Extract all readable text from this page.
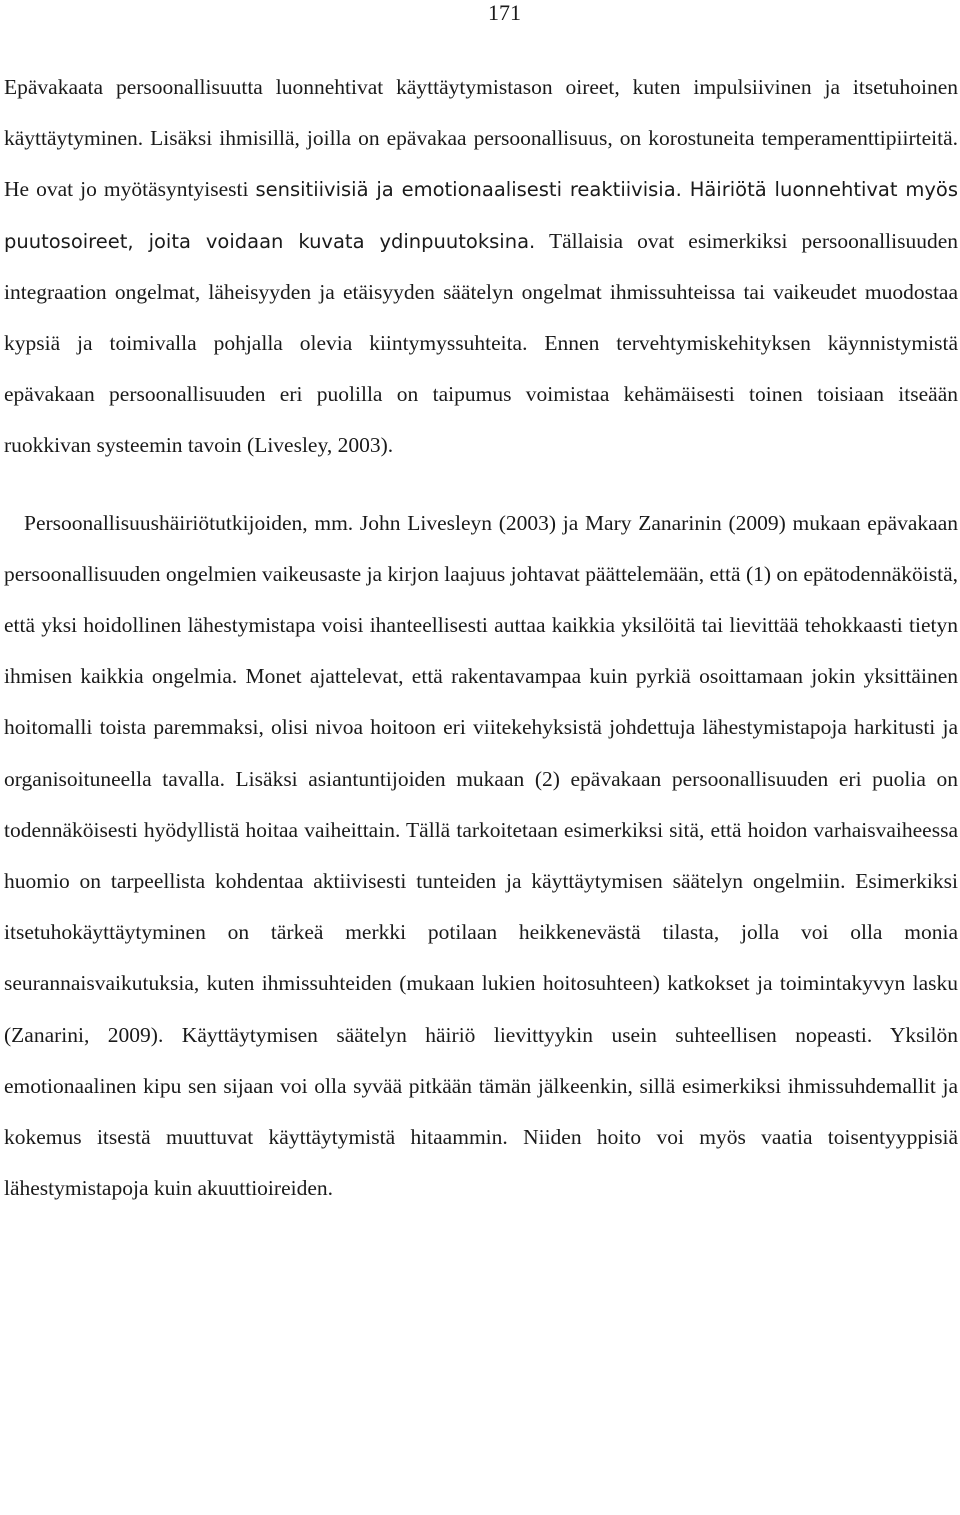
171

Epävakaata persoonallisuutta luonnehtivat käyttäytymistason oireet, kuten impulsiivinen ja itsetuhoinen käyttäytyminen. Lisäksi ihmisillä, joilla on epävakaa persoonallisuus, on korostuneita temperamenttipiirteitä. He ovat jo myötäsyntyisesti sensitiivisiä ja emotionaalisesti reaktiivisia. Häiriötä luonnehtivat myös puutosoireet, joita voidaan kuvata ydinpuutoksina. Tällaisia ovat esimerkiksi persoonallisuuden integraation ongelmat, läheisyyden ja etäisyyden säätelyn ongelmat ihmissuhteissa tai vaikeudet muodostaa kypsiä ja toimivalla pohjalla olevia kiintymyssuhteita. Ennen tervehtymiskehityksen käynnistymistä epävakaan persoonallisuuden eri puolilla on taipumus voimistaa kehämäisesti toinen toisiaan itseään ruokkivan systeemin tavoin (Livesley, 2003).

Persoonallisuushäiriötutkijoiden, mm. John Livesleyn (2003) ja Mary Zanarinin (2009) mukaan epävakaan persoonallisuuden ongelmien vaikeusaste ja kirjon laajuus johtavat päättelemään, että (1) on epätodennäköistä, että yksi hoidollinen lähestymistapa voisi ihanteellisesti auttaa kaikkia yksilöitä tai lievittää tehokkaasti tietyn ihmisen kaikkia ongelmia. Monet ajattelevat, että rakentavampaa kuin pyrkiä osoittamaan jokin yksittäinen hoitomalli toista paremmaksi, olisi nivoa hoitoon eri viitekehyksistä johdettuja lähestymistapoja harkitusti ja organisoituneella tavalla. Lisäksi asiantuntijoiden mukaan (2) epävakaan persoonallisuuden eri puolia on todennäköisesti hyödyllistä hoitaa vaiheittain. Tällä tarkoitetaan esimerkiksi sitä, että hoidon varhaisvaiheessa huomio on tarpeellista kohdentaa aktiivisesti tunteiden ja käyttäytymisen säätelyn ongelmiin. Esimerkiksi itsetuhokäyttäytyminen on tärkeä merkki potilaan heikkenevästä tilasta, jolla voi olla monia seurannaisvaikutuksia, kuten ihmissuhteiden (mukaan lukien hoitosuhteen) katkokset ja toimintakyvyn lasku (Zanarini, 2009). Käyttäytymisen säätelyn häiriö lievittyykin usein suhteellisen nopeasti. Yksilön emotionaalinen kipu sen sijaan voi olla syvää pitkään tämän jälkeenkin, sillä esimerkiksi ihmissuhdemallit ja kokemus itsestä muuttuvat käyttäytymistä hitaammin. Niiden hoito voi myös vaatia toisentyyppisiä lähestymistapoja kuin akuuttioireiden.
